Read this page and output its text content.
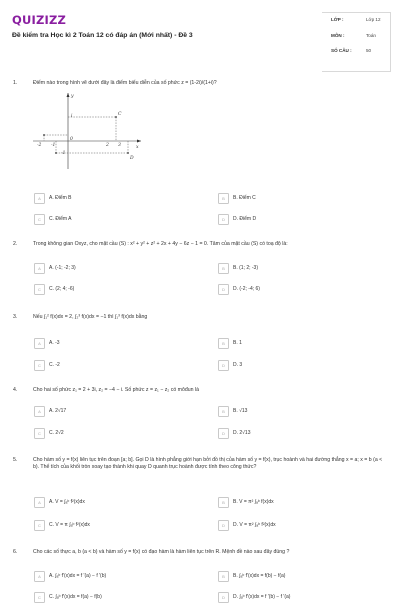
QUIZIZZ
Đề kiểm tra Học kì 2 Toán 12 có đáp án (Mới nhất) - Đề 3
LỚP :	Lớp 12
MÔN :	Toán
SỐ CÂU :	50
1.	Điểm nào trong hình vẽ dưới đây là điểm biểu diễn của số phức z = (1-2i)/(1+i)?
i
0
-2 -1
-1
2 3	x
y
C
D
A	A. Điểm B	B	B. Điểm C
C	C. Điểm A	D	D. Điểm D
2.	Trong không gian Oxyz, cho mặt cầu (S) : x² + y² + z² + 2x + 4y − 6z − 1 = 0. Tâm của mặt cầu (S) có toạ độ là:
A	A. (-1; -2; 3)	B	B. (1; 2; -3)
C	C. (2; 4; -6)	D	D. (-2; -4; 6)
3.	Nếu ∫₁² f(x)dx = 2, ∫₂³ f(x)dx = −1 thì ∫₁³ f(x)dx bằng
A	A. -3	B	B. 1
C	C. -2	D	D. 3
4.	Cho hai số phức z₁ = 2 + 3i, z₂ = −4 − i. Số phức z = z₁ − z₂ có môđun là
A	A. 2√17	B	B. √13
C	C. 2√2	D	D. 2√13
5.	Cho hàm số y = f(x) liên tục trên đoạn [a; b]. Gọi D là hình phẳng giới hạn bởi đồ thị của hàm số y = f(x), trục hoành và hai đường thẳng x = a; x = b (a < b). Thể tích của khối tròn xoay tạo thành khi quay D quanh trục hoành được tính theo công thức?
A	A. V = ∫ₐᵇ f²(x)dx	B	B. V = π² ∫ₐᵇ f(x)dx
C	C. V = π ∫ₐᵇ f²(x)dx	D	D. V = π² ∫ₐᵇ f²(x)dx
6.	Cho các số thực a, b (a < b) và hàm số y = f(x) có đạo hàm là hàm liên tục trên R. Mệnh đề nào sau đây đúng ?
A	A. ∫ₐᵇ f'(x)dx = f '(a) − f '(b)	B	B. ∫ₐᵇ f'(x)dx = f(b) − f(a)
C	C. ∫ₐᵇ f'(x)dx = f(a) − f(b)	D	D. ∫ₐᵇ f'(x)dx = f '(b) − f '(a)
